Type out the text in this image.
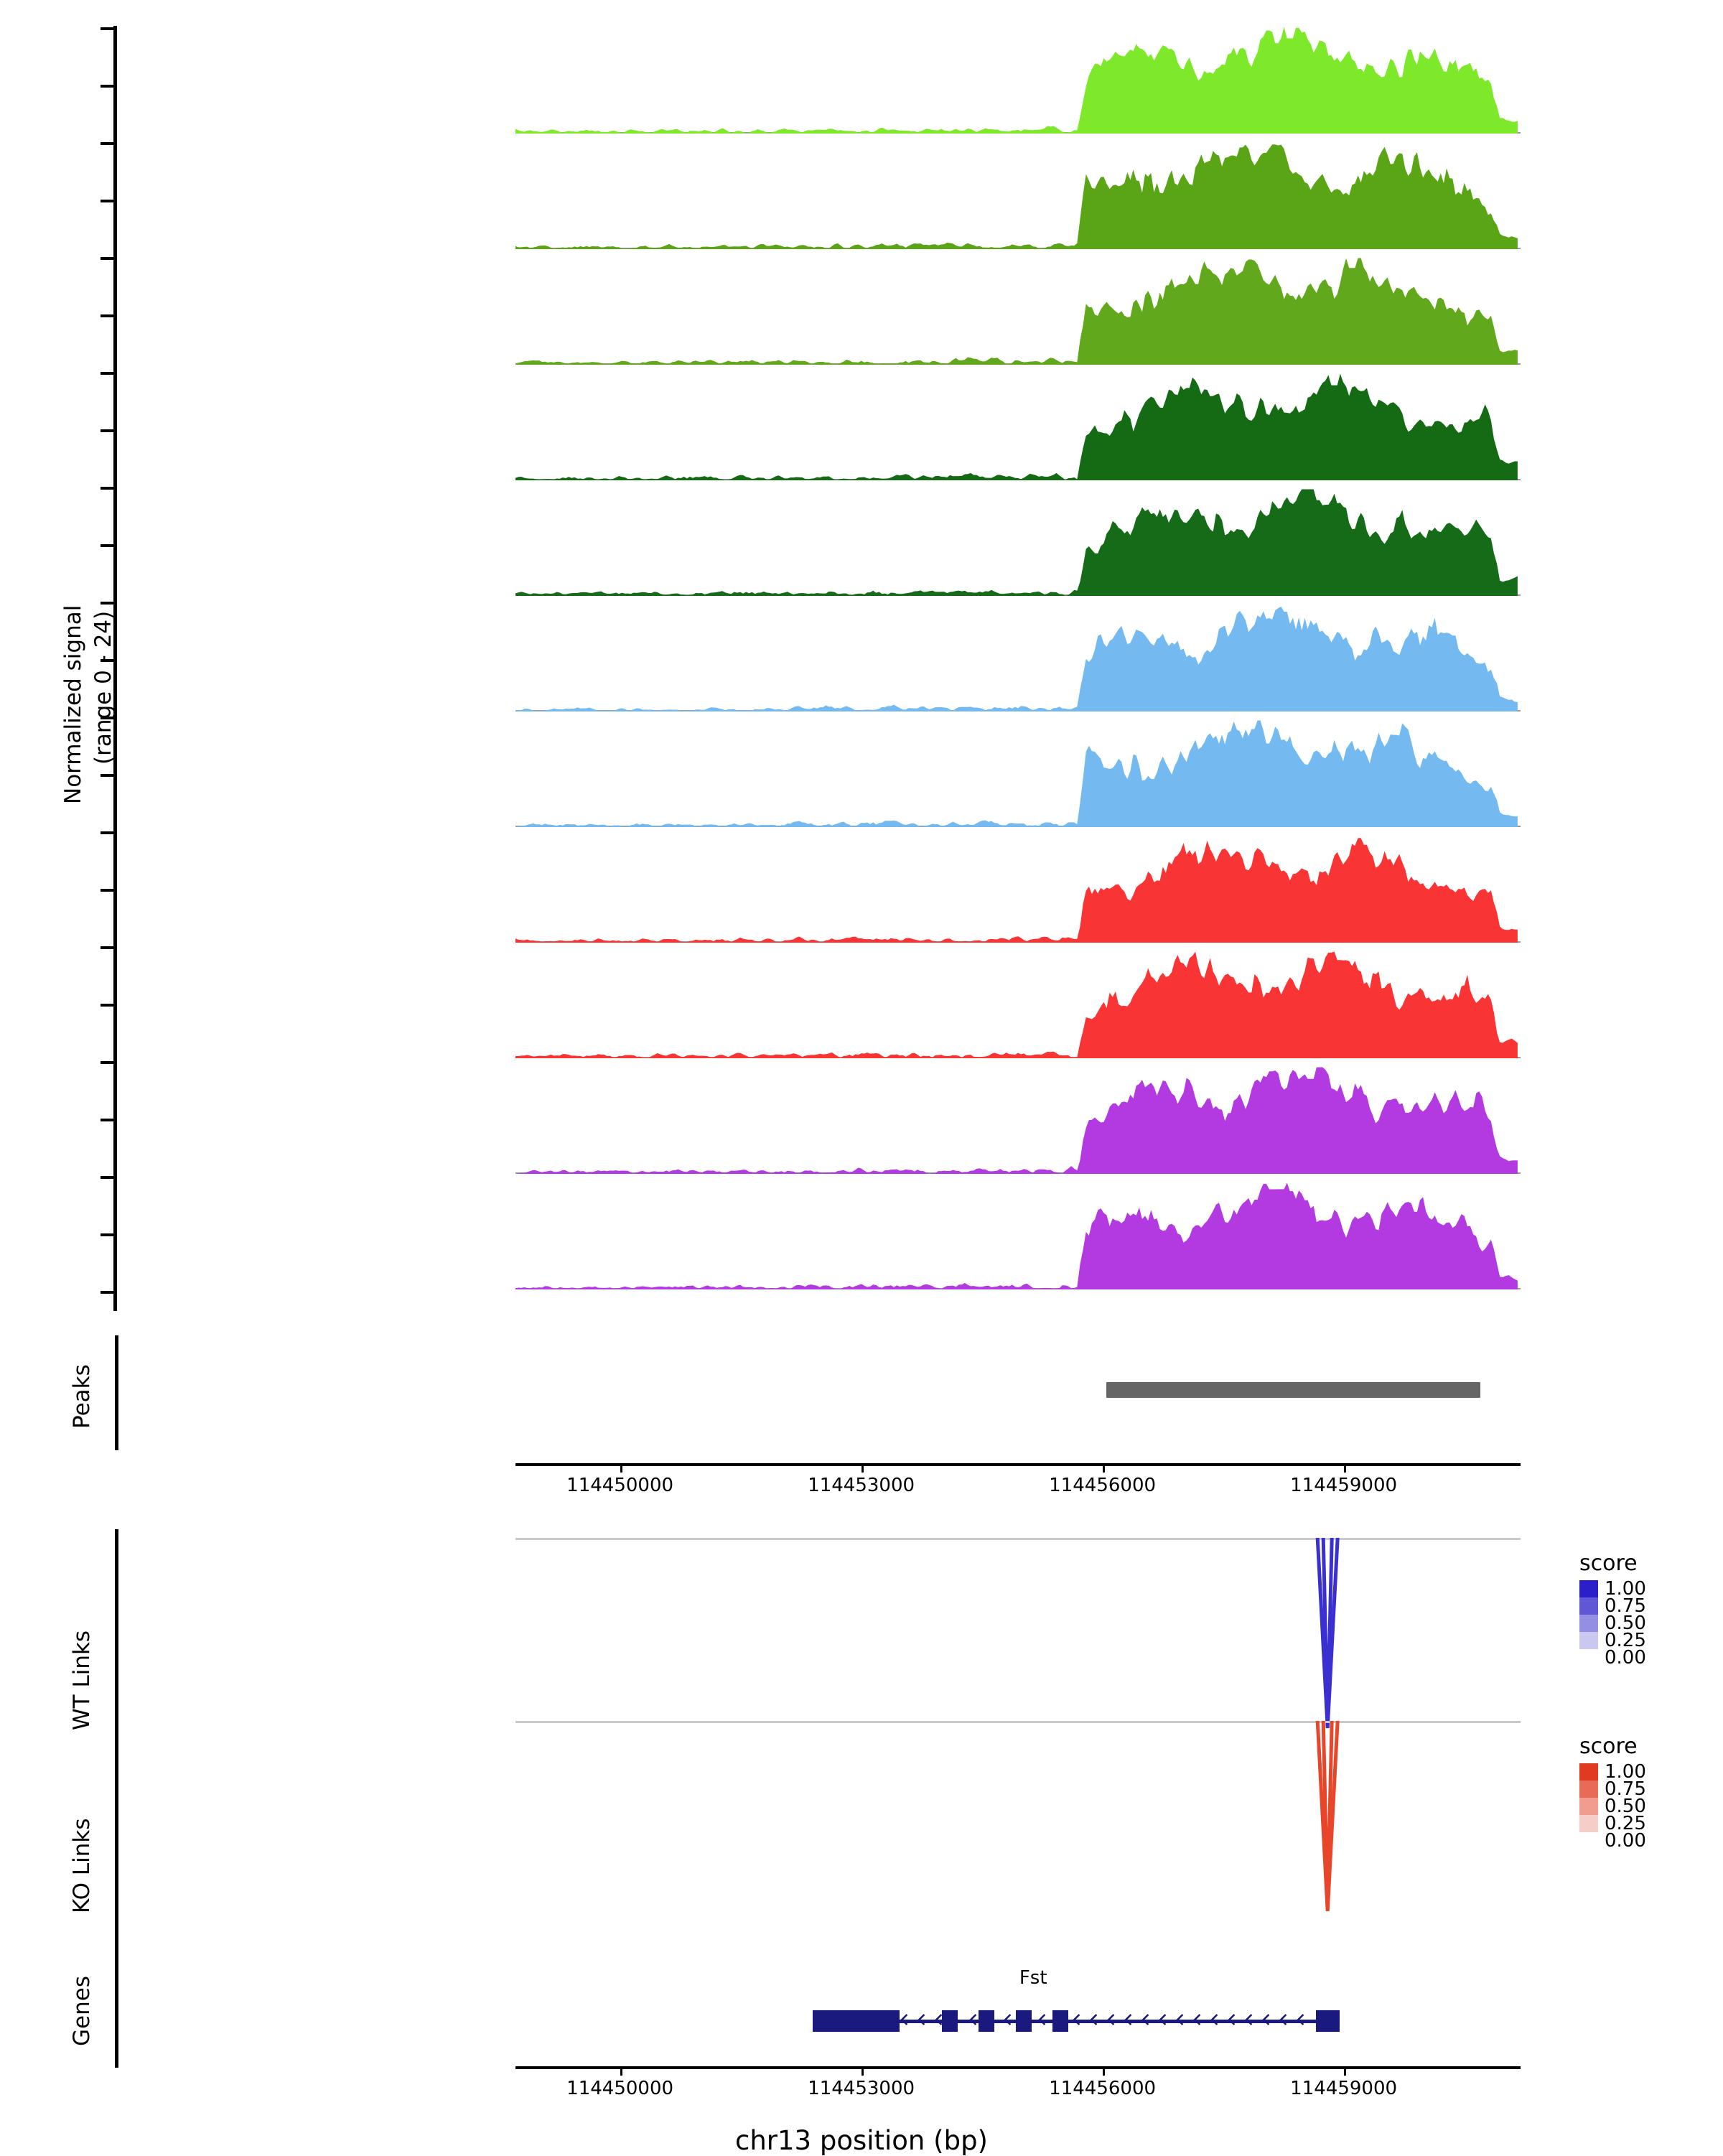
Normalized signal (range 0 - 24)
Peaks
114450000	114453000	114456000	114459000
WT Links
score
1.00
0.75
0.50
0.25
0.00
KO Links
score
1.00
0.75
0.50
0.25
0.00
Genes	Fst
114450000	114453000	114456000	114459000
chr13 position (bp)
